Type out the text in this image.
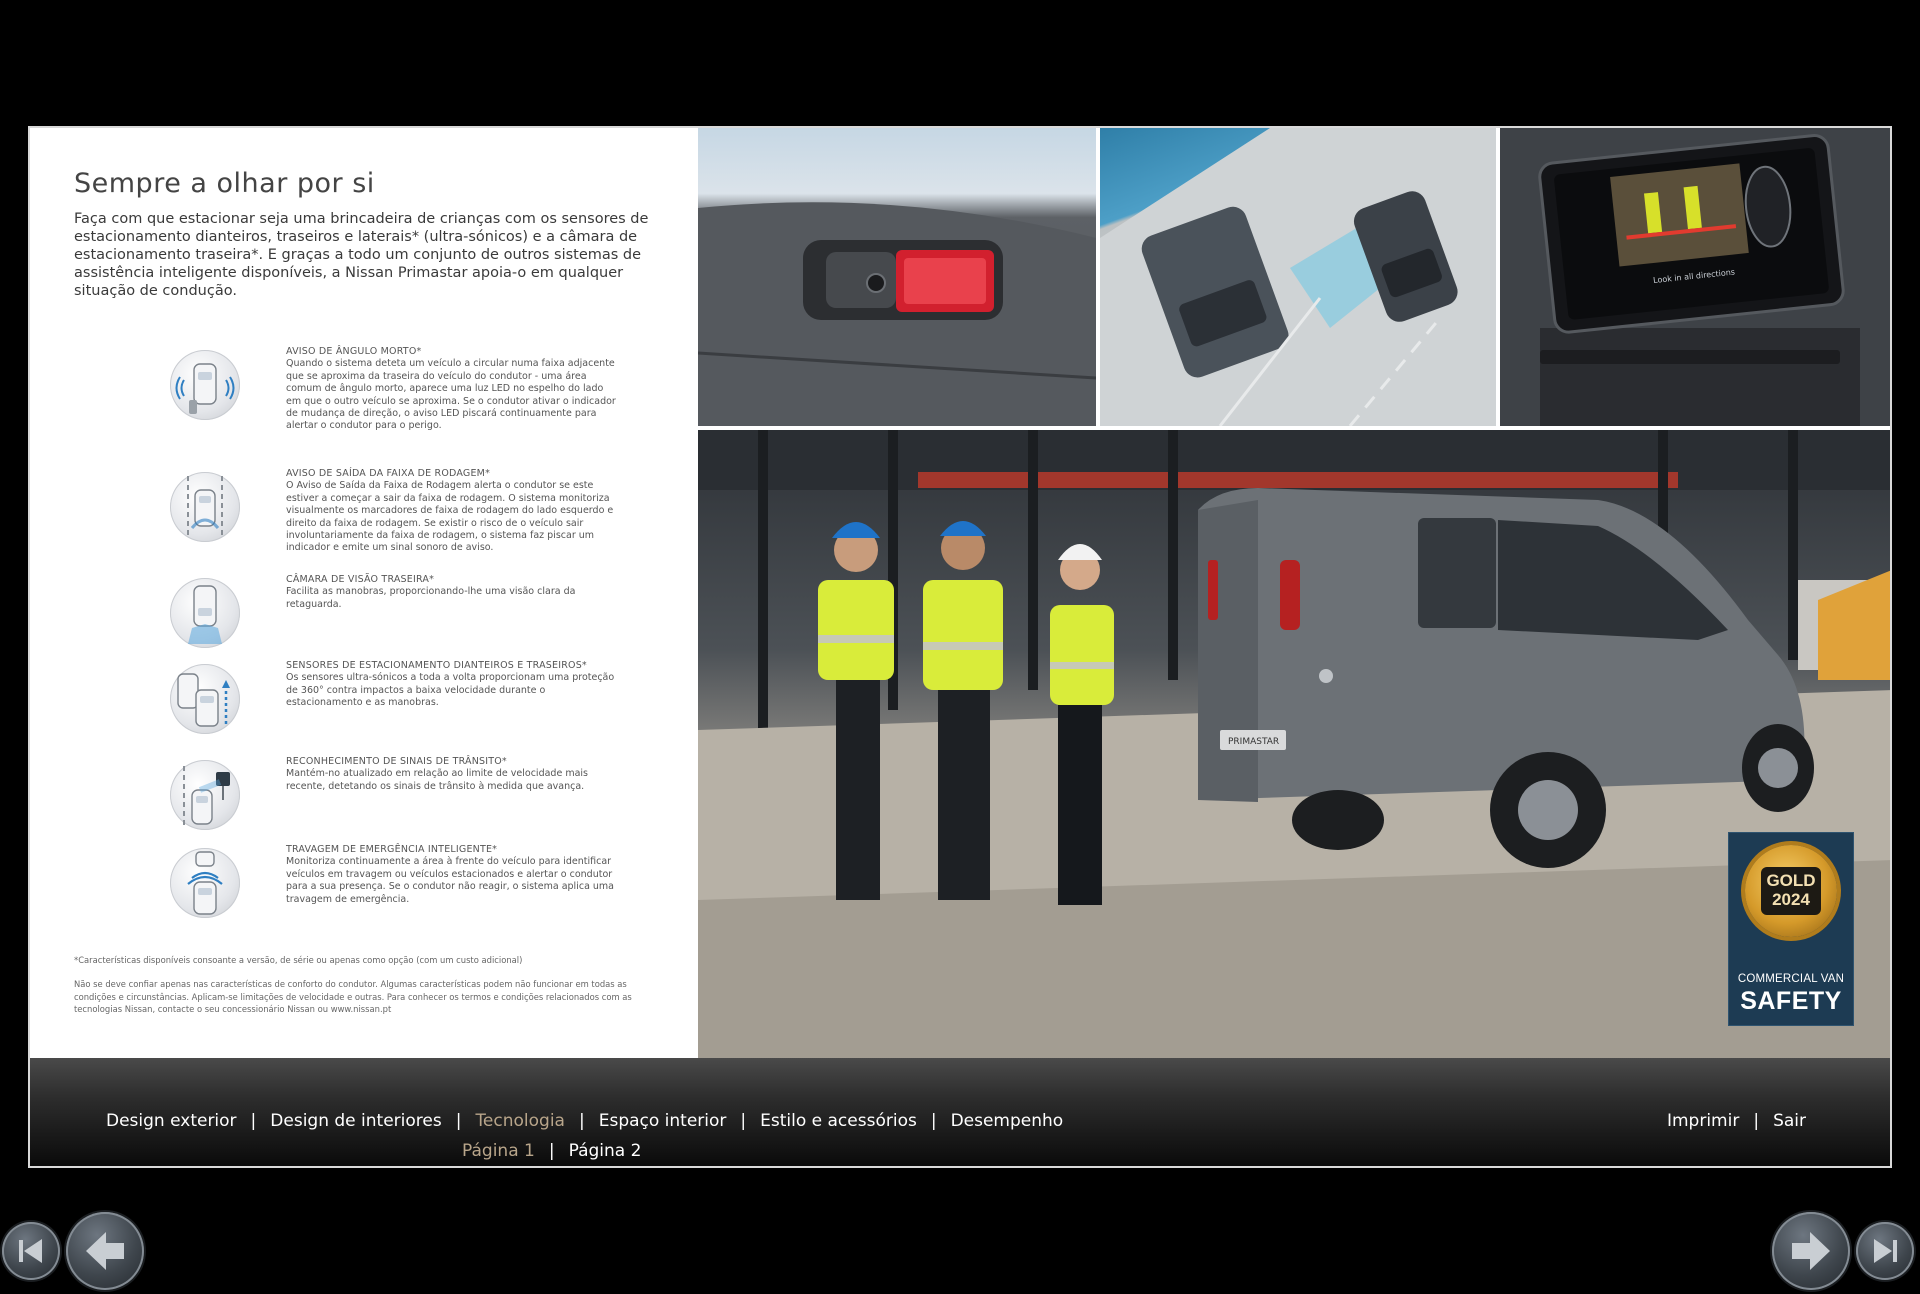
Sempre a olhar por si

Faça com que estacionar seja uma brincadeira de crianças com os sensores de estacionamento dianteiros, traseiros e laterais* (ultra-sónicos) e a câmara de estacionamento traseira*. E graças a todo um conjunto de outros sistemas de assistência inteligente disponíveis, a Nissan Primastar apoia-o em qualquer situação de condução.

AVISO DE ÂNGULO MORTO*
Quando o sistema deteta um veículo a circular numa faixa adjacente que se aproxima da traseira do veículo do condutor - uma área comum de ângulo morto, aparece uma luz LED no espelho do lado em que o outro veículo se aproxima. Se o condutor ativar o indicador de mudança de direção, o aviso LED piscará continuamente para alertar o condutor para o perigo.
AVISO DE SAÍDA DA FAIXA DE RODAGEM*
O Aviso de Saída da Faixa de Rodagem alerta o condutor se este estiver a começar a sair da faixa de rodagem. O sistema monitoriza visualmente os marcadores de faixa de rodagem do lado esquerdo e direito da faixa de rodagem. Se existir o risco de o veículo sair involuntariamente da faixa de rodagem, o sistema faz piscar um indicador e emite um sinal sonoro de aviso.
CÂMARA DE VISÃO TRASEIRA*
Facilita as manobras, proporcionando-lhe uma visão clara da retaguarda.
SENSORES DE ESTACIONAMENTO DIANTEIROS E TRASEIROS*
Os sensores ultra-sónicos a toda a volta proporcionam uma proteção de 360° contra impactos a baixa velocidade durante o estacionamento e as manobras.
RECONHECIMENTO DE SINAIS DE TRÂNSITO*
Mantém-no atualizado em relação ao limite de velocidade mais recente, detetando os sinais de trânsito à medida que avança.
TRAVAGEM DE EMERGÊNCIA INTELIGENTE*
Monitoriza continuamente a área à frente do veículo para identificar veículos em travagem ou veículos estacionados e alertar o condutor para a sua presença. Se o condutor não reagir, o sistema aplica uma travagem de emergência.

*Características disponíveis consoante a versão, de série ou apenas como opção (com um custo adicional)

Não se deve confiar apenas nas características de conforto do condutor. Algumas características podem não funcionar em todas as condições e circunstâncias. Aplicam-se limitações de velocidade e outras. Para conhecer os termos e condições relacionados com as tecnologias Nissan, contacte o seu concessionário Nissan ou www.nissan.pt

Look in all directions
PRIMASTAR
GOLD
2024
COMMERCIAL VAN
SAFETY
Design exterior | Design de interiores | Tecnologia | Espaço interior | Estilo e acessórios | Desempenho
Página 1 | Página 2
Imprimir | Sair
